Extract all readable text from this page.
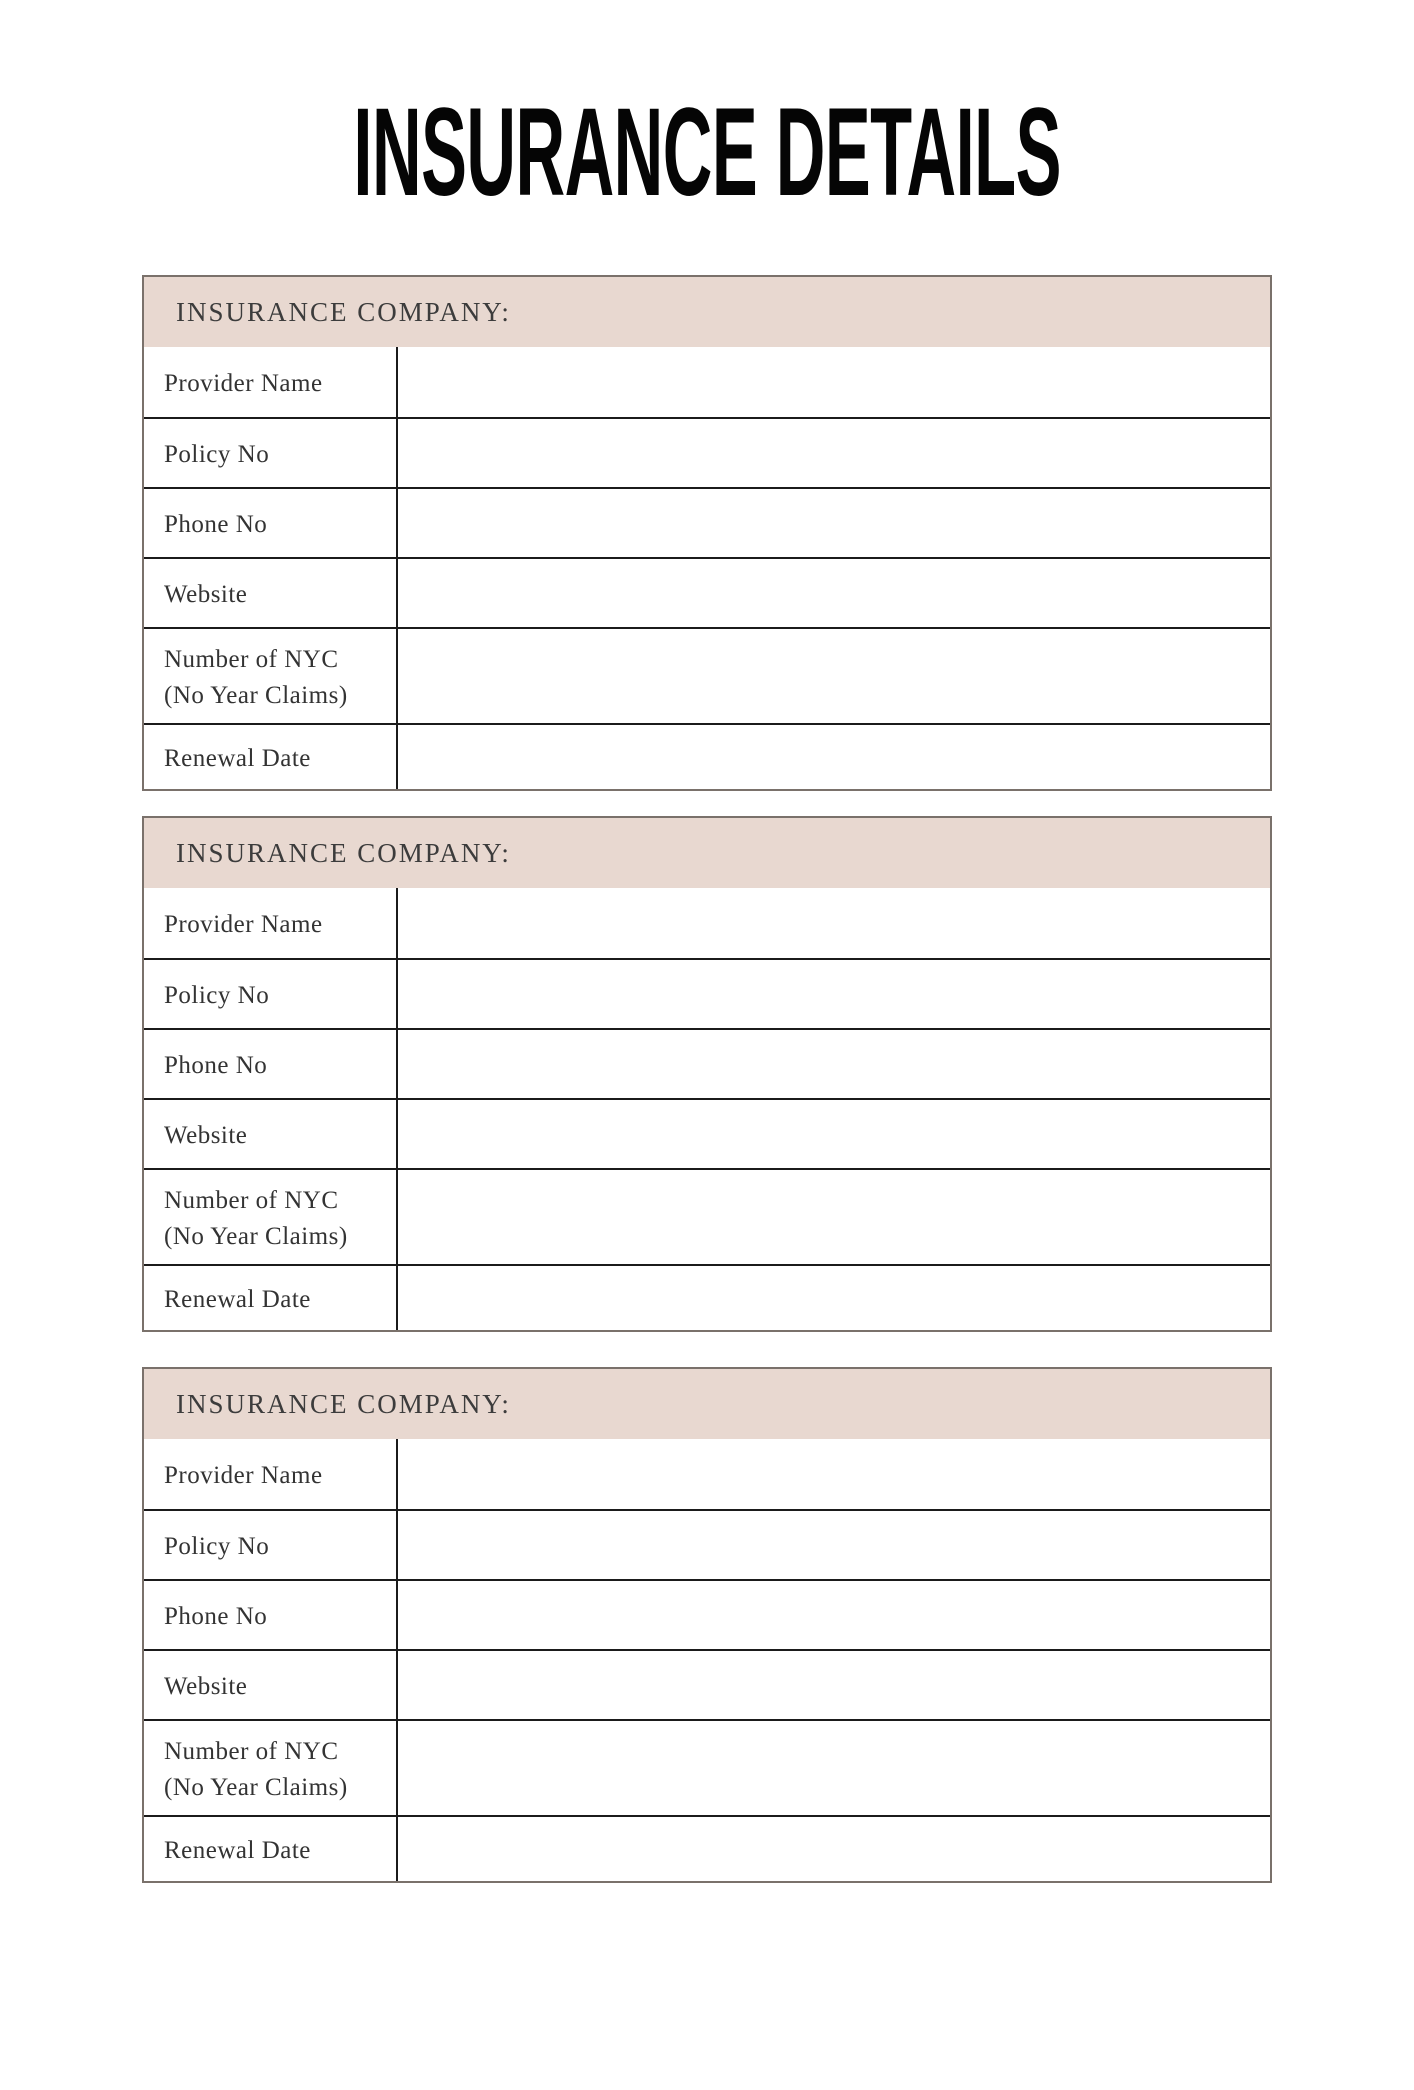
INSURANCE DETAILS
INSURANCE COMPANY:
Provider Name
Policy No
Phone No
Website
Number of NYC
(No Year Claims)
Renewal Date
INSURANCE COMPANY:
Provider Name
Policy No
Phone No
Website
Number of NYC
(No Year Claims)
Renewal Date
INSURANCE COMPANY:
Provider Name
Policy No
Phone No
Website
Number of NYC
(No Year Claims)
Renewal Date
